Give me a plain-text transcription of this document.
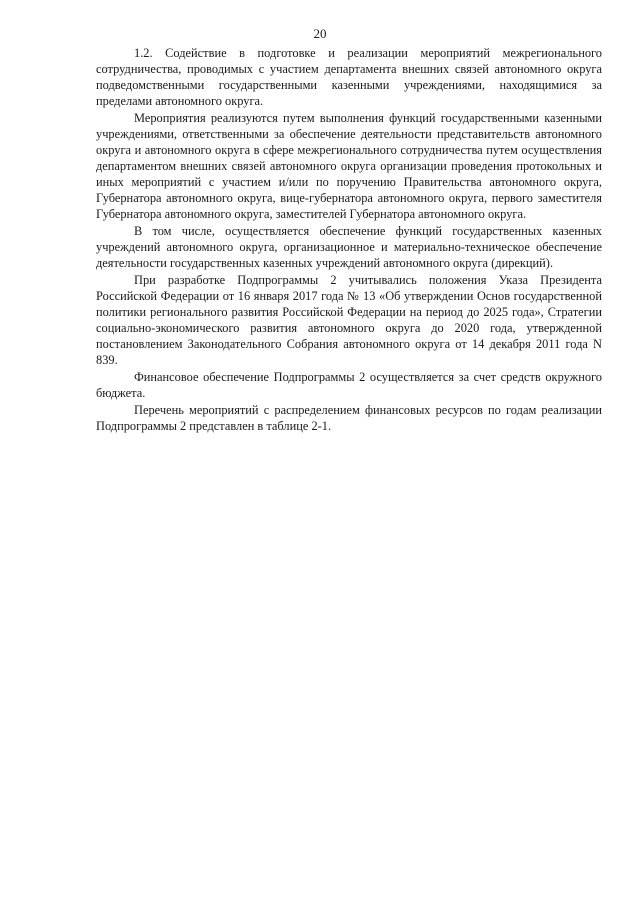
20

1.2. Содействие в подготовке и реализации мероприятий межрегионального сотрудничества, проводимых с участием департамента внешних связей автономного округа подведомственными государственными казенными учреждениями, находящимися за пределами автономного округа.

Мероприятия реализуются путем выполнения функций государственными казенными учреждениями, ответственными за обеспечение деятельности представительств автономного округа и автономного округа в сфере межрегионального сотрудничества путем осуществления департаментом внешних связей автономного округа организации проведения протокольных и иных мероприятий с участием и/или по поручению Правительства автономного округа, Губернатора автономного округа, вице-губернатора автономного округа, первого заместителя Губернатора автономного округа, заместителей Губернатора автономного округа.

В том числе, осуществляется обеспечение функций государственных казенных учреждений автономного округа, организационное и материально-техническое обеспечение деятельности государственных казенных учреждений автономного округа (дирекций).

При разработке Подпрограммы 2 учитывались положения Указа Президента Российской Федерации от 16 января 2017 года № 13 «Об утверждении Основ государственной политики регионального развития Российской Федерации на период до 2025 года», Стратегии социально-экономического развития автономного округа до 2020 года, утвержденной постановлением Законодательного Собрания автономного округа от 14 декабря 2011 года N 839.

Финансовое обеспечение Подпрограммы 2 осуществляется за счет средств окружного бюджета.

Перечень мероприятий с распределением финансовых ресурсов по годам реализации Подпрограммы 2 представлен в таблице 2-1.
